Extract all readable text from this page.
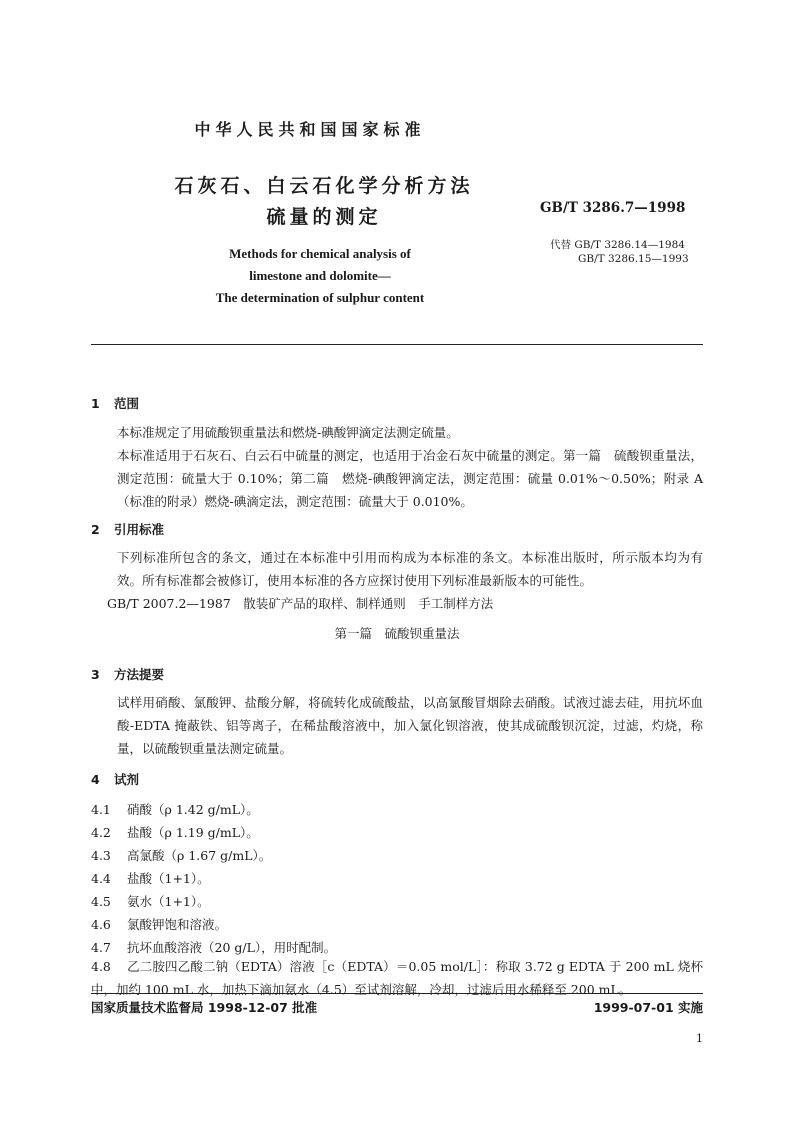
中华人民共和国国家标准
石灰石、白云石化学分析方法
硫量的测定	GB/T 3286.7—1998
代替 GB/T 3286.14—1984
GB/T 3286.15—1993
Methods for chemical analysis of
limestone and dolomite—
The determination of sulphur content
1 范围
本标准规定了用硫酸钡重量法和燃烧-碘酸钾滴定法测定硫量。
本标准适用于石灰石、白云石中硫量的测定，也适用于冶金石灰中硫量的测定。第一篇　硫酸钡重量法，测定范围：硫量大于 0.10%；第二篇　燃烧-碘酸钾滴定法，测定范围：硫量 0.01%～0.50%；附录 A（标准的附录）燃烧-碘滴定法，测定范围：硫量大于 0.010%。
2 引用标准
下列标准所包含的条文，通过在本标准中引用而构成为本标准的条文。本标准出版时，所示版本均为有效。所有标准都会被修订，使用本标准的各方应探讨使用下列标准最新版本的可能性。
GB/T 2007.2—1987　散装矿产品的取样、制样通则　手工制样方法
第一篇　硫酸钡重量法
3 方法提要
试样用硝酸、氯酸钾、盐酸分解，将硫转化成硫酸盐，以高氯酸冒烟除去硝酸。试液过滤去硅，用抗坏血酸-EDTA 掩蔽铁、铝等离子，在稀盐酸溶液中，加入氯化钡溶液，使其成硫酸钡沉淀，过滤，灼烧，称量，以硫酸钡重量法测定硫量。
4 试剂
4.1 硝酸（ρ 1.42 g/mL）。
4.2 盐酸（ρ 1.19 g/mL）。
4.3 高氯酸（ρ 1.67 g/mL）。
4.4 盐酸（1+1）。
4.5 氨水（1+1）。
4.6 氯酸钾饱和溶液。
4.7 抗坏血酸溶液（20 g/L），用时配制。
4.8 乙二胺四乙酸二钠（EDTA）溶液［c（EDTA）＝0.05 mol/L］：称取 3.72 g EDTA 于 200 mL 烧杯中，加约 100 mL 水，加热下滴加氨水（4.5）至试剂溶解，冷却，过滤后用水稀释至 200 mL。
国家质量技术监督局 1998-12-07 批准	1999-07-01 实施
1
